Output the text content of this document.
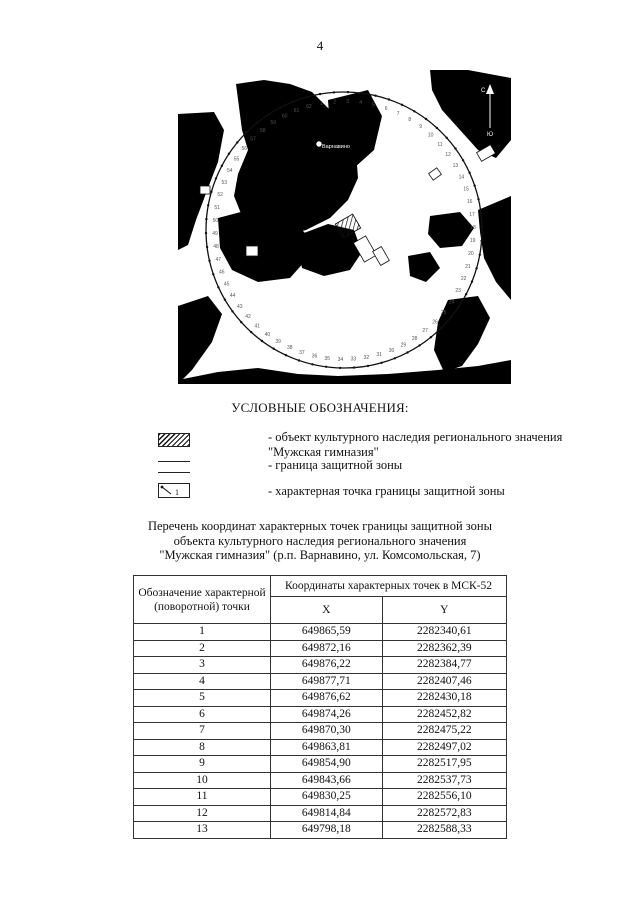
4
Варнавино
С
Ю
1 2 3 4 5
6
7
8
9
10
11
12
13
14
15
16
17
18
19
20
21
22
23
24
25
26
27
28
29
30
31
32
33
34
35
36
37
38
39
40
41
42
43
44
45
46
47
48
49
50
51
52
53
54
55
56
57
58
59
60
61
62
УСЛОВНЫЕ ОБОЗНАЧЕНИЯ:
- объект культурного наследия регионального значения "Мужская гимназия"
- граница защитной зоны
1	- характерная точка границы защитной зоны
Перечень координат характерных точек границы защитной зоны
объекта культурного наследия регионального значения
"Мужская гимназия" (р.п. Варнавино, ул. Комсомольская, 7)
Обозначение характерной (поворотной) точки	Координаты характерных точек в МСК-52	
	X	Y
1	649865,59	2282340,61
2	649872,16	2282362,39
3	649876,22	2282384,77
4	649877,71	2282407,46
5	649876,62	2282430,18
6	649874,26	2282452,82
7	649870,30	2282475,22
8	649863,81	2282497,02
9	649854,90	2282517,95
10	649843,66	2282537,73
11	649830,25	2282556,10
12	649814,84	2282572,83
13	649798,18	2282588,33
